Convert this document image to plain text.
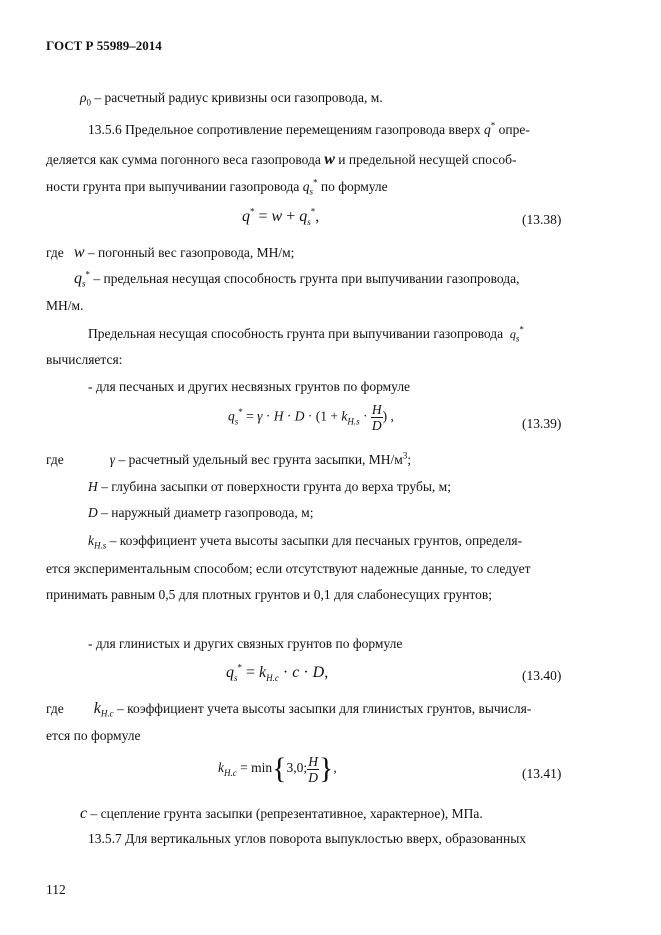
ГОСТ Р 55989–2014
$\rho_0$ – расчетный радиус кривизны оси газопровода, м.
13.5.6 Предельное сопротивление перемещениям газопровода вверх q* опре-
деляется как сумма погонного веса газопровода w и предельной несущей способ-
ности грунта при выпучивании газопровода $q_s^*$ по формуле
$q^* = w + q_s^*$,	(13.38)
где w – погонный вес газопровода, МН/м;
$q_s^*$ – предельная несущая способность грунта при выпучивании газопровода,
МН/м.
Предельная несущая способность грунта при выпучивании газопровода $q_s^*$
вычисляется:
- для песчаных и других несвязных грунтов по формуле
$q_s^* = \gamma \cdot H \cdot D \cdot (1 + k_{H.s} \cdot \frac{H}{D}$ ) ,	(13.39)
где	γ – расчетный удельный вес грунта засыпки, $МН/м^3$;
H – глубина засыпки от поверхности грунта до верха трубы, м;
D – наружный диаметр газопровода, м;
$k_{H.s}$ – коэффициент учета высоты засыпки для песчаных грунтов, определя-
ется экспериментальным способом; если отсутствуют надежные данные, то следует
принимать равным 0,5 для плотных грунтов и 0,1 для слабонесущих грунтов;
- для глинистых и других связных грунтов по формуле
$q_s^* = k_{H.c} \cdot c \cdot D$,	(13.40)
где $k_{H.c}$ – коэффициент учета высоты засыпки для глинистых грунтов, вычисля-
ется по формуле
$k_{H.c} = \min\{3,0$; $\frac{H}{D}$ },	(13.41)
c – сцепление грунта засыпки (репрезентативное, характерное), МПа.
13.5.7 Для вертикальных углов поворота выпуклостью вверх, образованных
112
